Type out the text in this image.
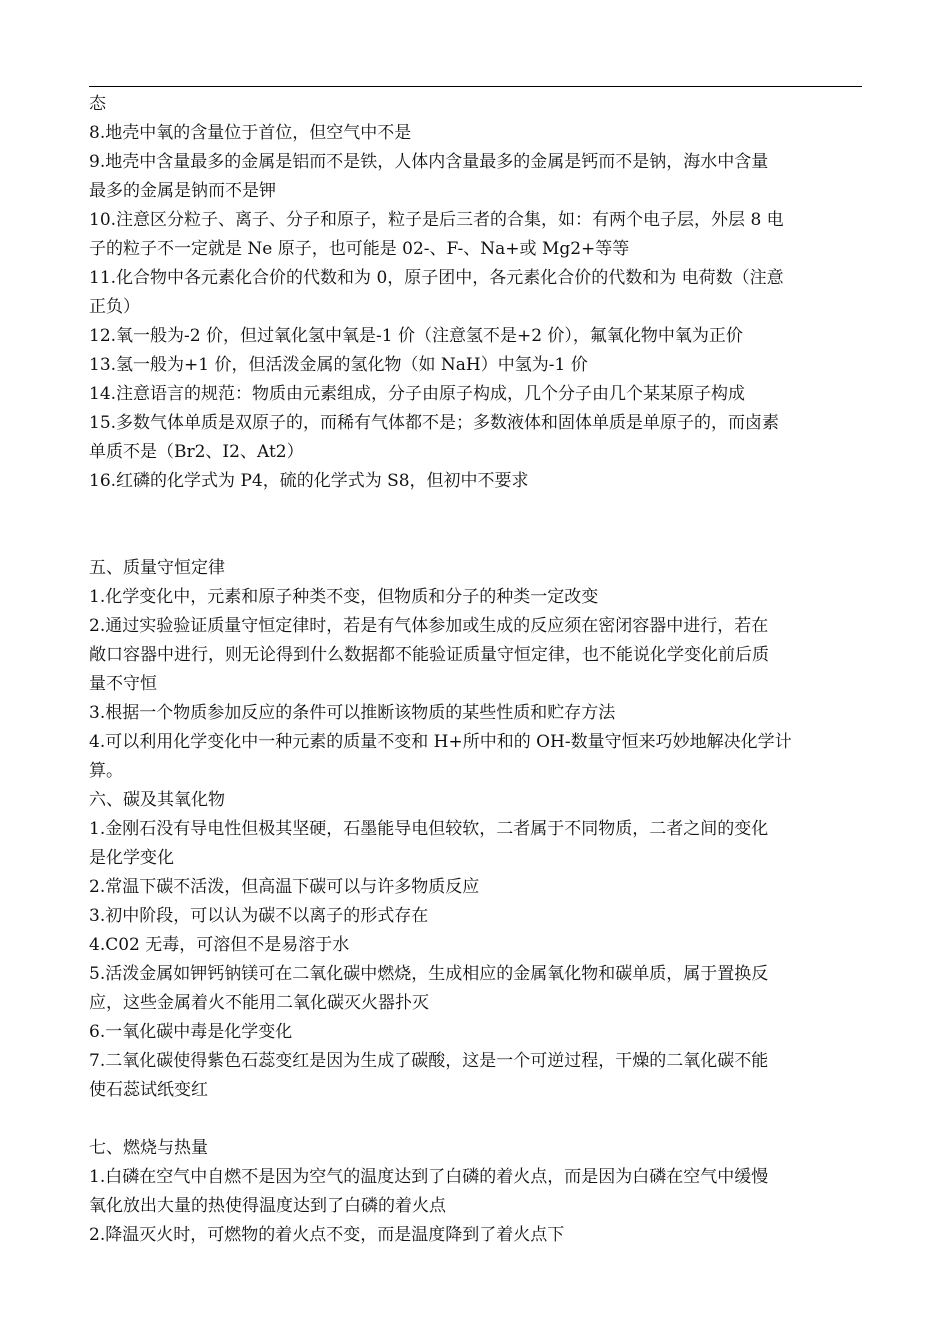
态
8.地壳中氧的含量位于首位，但空气中不是
9.地壳中含量最多的金属是铝而不是铁，人体内含量最多的金属是钙而不是钠，海水中含量
最多的金属是钠而不是钾
10.注意区分粒子、离子、分子和原子，粒子是后三者的合集，如：有两个电子层，外层 8 电
子的粒子不一定就是 Ne 原子，也可能是 02-、F-、Na+或 Mg2+等等
11.化合物中各元素化合价的代数和为 0，原子团中，各元素化合价的代数和为 电荷数（注意
正负）
12.氧一般为-2 价，但过氧化氢中氧是-1 价（注意氢不是+2 价），氟氧化物中氧为正价
13.氢一般为+1 价，但活泼金属的氢化物（如 NaH）中氢为-1 价
14.注意语言的规范：物质由元素组成，分子由原子构成，几个分子由几个某某原子构成
15.多数气体单质是双原子的，而稀有气体都不是；多数液体和固体单质是单原子的，而卤素
单质不是（Br2、I2、At2）
16.红磷的化学式为 P4，硫的化学式为 S8，但初中不要求
五、质量守恒定律
1.化学变化中，元素和原子种类不变，但物质和分子的种类一定改变
2.通过实验验证质量守恒定律时，若是有气体参加或生成的反应须在密闭容器中进行，若在
敞口容器中进行，则无论得到什么数据都不能验证质量守恒定律，也不能说化学变化前后质
量不守恒
3.根据一个物质参加反应的条件可以推断该物质的某些性质和贮存方法
4.可以利用化学变化中一种元素的质量不变和 H+所中和的 OH-数量守恒来巧妙地解决化学计
算。
六、碳及其氧化物
1.金刚石没有导电性但极其坚硬，石墨能导电但较软，二者属于不同物质，二者之间的变化
是化学变化
2.常温下碳不活泼，但高温下碳可以与许多物质反应
3.初中阶段，可以认为碳不以离子的形式存在
4.C02 无毒，可溶但不是易溶于水
5.活泼金属如钾钙钠镁可在二氧化碳中燃烧，生成相应的金属氧化物和碳单质，属于置换反
应，这些金属着火不能用二氧化碳灭火器扑灭
6.一氧化碳中毒是化学变化
7.二氧化碳使得紫色石蕊变红是因为生成了碳酸，这是一个可逆过程，干燥的二氧化碳不能
使石蕊试纸变红
七、燃烧与热量
1.白磷在空气中自燃不是因为空气的温度达到了白磷的着火点，而是因为白磷在空气中缓慢
氧化放出大量的热使得温度达到了白磷的着火点
2.降温灭火时，可燃物的着火点不变，而是温度降到了着火点下
